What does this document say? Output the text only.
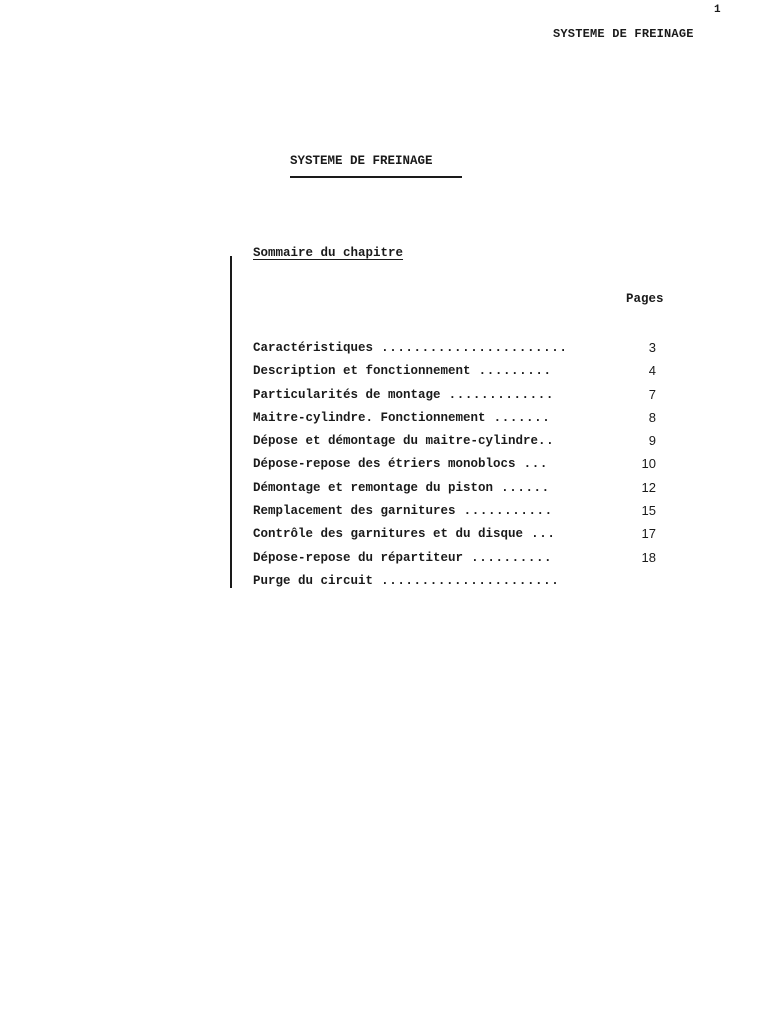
1
SYSTEME DE FREINAGE
SYSTEME DE FREINAGE
Sommaire du chapitre
Pages
Caractéristiques .......................	3
Description et fonctionnement .........	4
Particularités de montage .............	7
Maitre-cylindre. Fonctionnement .......	8
Dépose et démontage du maitre-cylindre..	9
Dépose-repose des étriers monoblocs ...	10
Démontage et remontage du piston ......	12
Remplacement des garnitures ...........	15
Contrôle des garnitures et du disque ...	17
Dépose-repose du répartiteur ..........	18
Purge du circuit ......................
